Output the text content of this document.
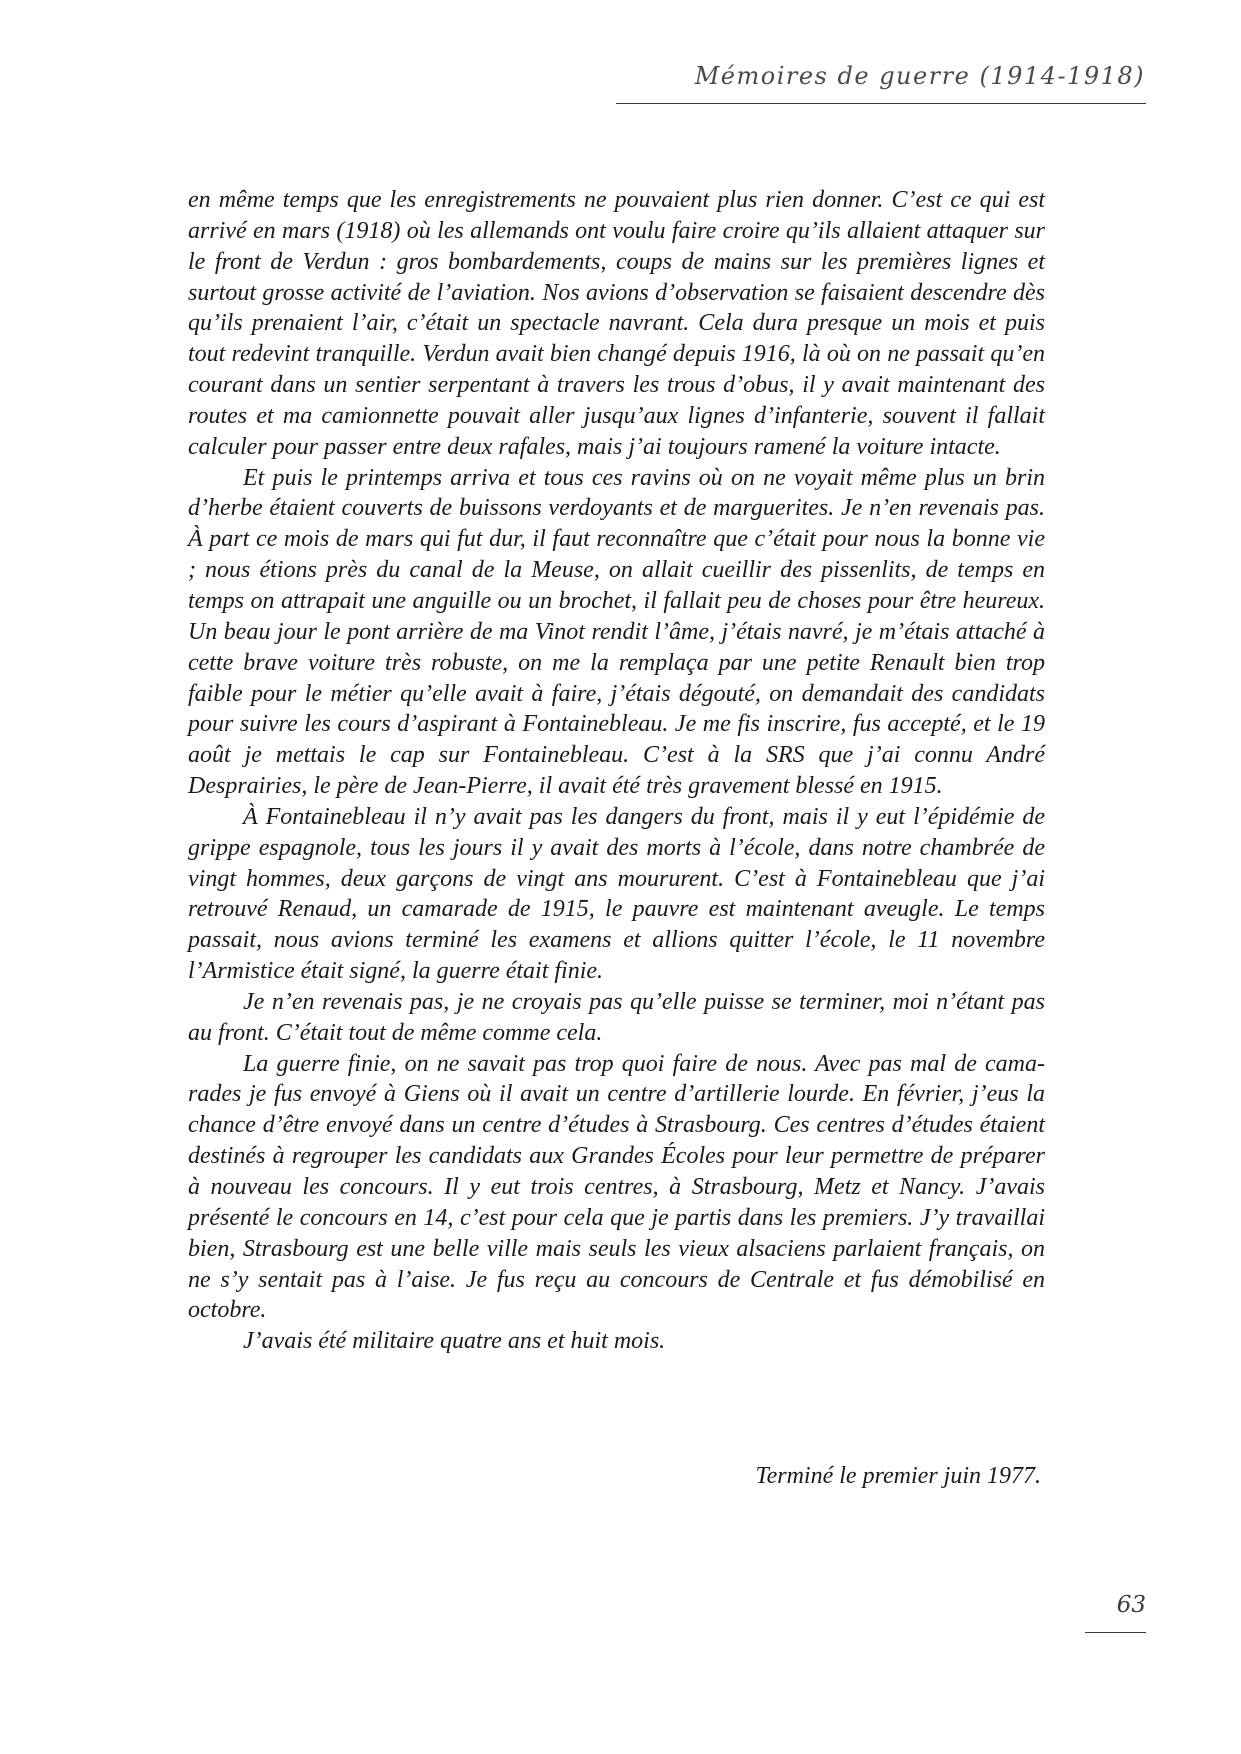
Mémoires de guerre (1914-1918)

en même temps que les enregistrements ne pouvaient plus rien donner. C’est ce qui est arrivé en mars (1918) où les allemands ont voulu faire croire qu’ils allaient attaquer sur le front de Verdun : gros bombardements, coups de mains sur les premières lignes et surtout grosse activité de l’aviation. Nos avions d’observation se faisaient descendre dès qu’ils prenaient l’air, c’était un spectacle navrant. Cela dura presque un mois et puis tout redevint tranquille. Verdun avait bien changé depuis 1916, là où on ne passait qu’en courant dans un sentier serpentant à travers les trous d’obus, il y avait maintenant des routes et ma camionnette pouvait aller jusqu’aux lignes d’infanterie, souvent il fallait calculer pour passer entre deux rafales, mais j’ai toujours ramené la voiture intacte.

Et puis le printemps arriva et tous ces ravins où on ne voyait même plus un brin d’herbe étaient couverts de buissons verdoyants et de marguerites. Je n’en revenais pas. À part ce mois de mars qui fut dur, il faut reconnaître que c’était pour nous la bonne vie ; nous étions près du canal de la Meuse, on allait cueillir des pissenlits, de temps en temps on attrapait une anguille ou un brochet, il fallait peu de choses pour être heureux. Un beau jour le pont arrière de ma Vinot rendit l’âme, j’étais navré, je m’étais attaché à cette brave voiture très robuste, on me la remplaça par une petite Renault bien trop faible pour le métier qu’elle avait à faire, j’étais dégouté, on demandait des candidats pour suivre les cours d’aspirant à Fontainebleau. Je me fis inscrire, fus accepté, et le 19 août je mettais le cap sur Fontainebleau. C’est à la SRS que j’ai connu André Desprairies, le père de Jean-Pierre, il avait été très gravement blessé en 1915.

À Fontainebleau il n’y avait pas les dangers du front, mais il y eut l’épidémie de grippe espagnole, tous les jours il y avait des morts à l’école, dans notre chambrée de vingt hommes, deux garçons de vingt ans moururent. C’est à Fontainebleau que j’ai retrouvé Renaud, un camarade de 1915, le pauvre est maintenant aveugle. Le temps passait, nous avions terminé les examens et allions quitter l’école, le 11 novembre l’Armistice était signé, la guerre était finie.

Je n’en revenais pas, je ne croyais pas qu’elle puisse se terminer, moi n’étant pas au front. C’était tout de même comme cela.

La guerre finie, on ne savait pas trop quoi faire de nous. Avec pas mal de camarades je fus envoyé à Giens où il avait un centre d’artillerie lourde. En février, j’eus la chance d’être envoyé dans un centre d’études à Strasbourg. Ces centres d’études étaient destinés à regrouper les candidats aux Grandes Écoles pour leur permettre de préparer à nouveau les concours. Il y eut trois centres, à Strasbourg, Metz et Nancy. J’avais présenté le concours en 14, c’est pour cela que je partis dans les premiers. J’y travaillai bien, Strasbourg est une belle ville mais seuls les vieux alsaciens parlaient français, on ne s’y sentait pas à l’aise. Je fus reçu au concours de Centrale et fus démobilisé en octobre.

J’avais été militaire quatre ans et huit mois.

Terminé le premier juin 1977.
63
